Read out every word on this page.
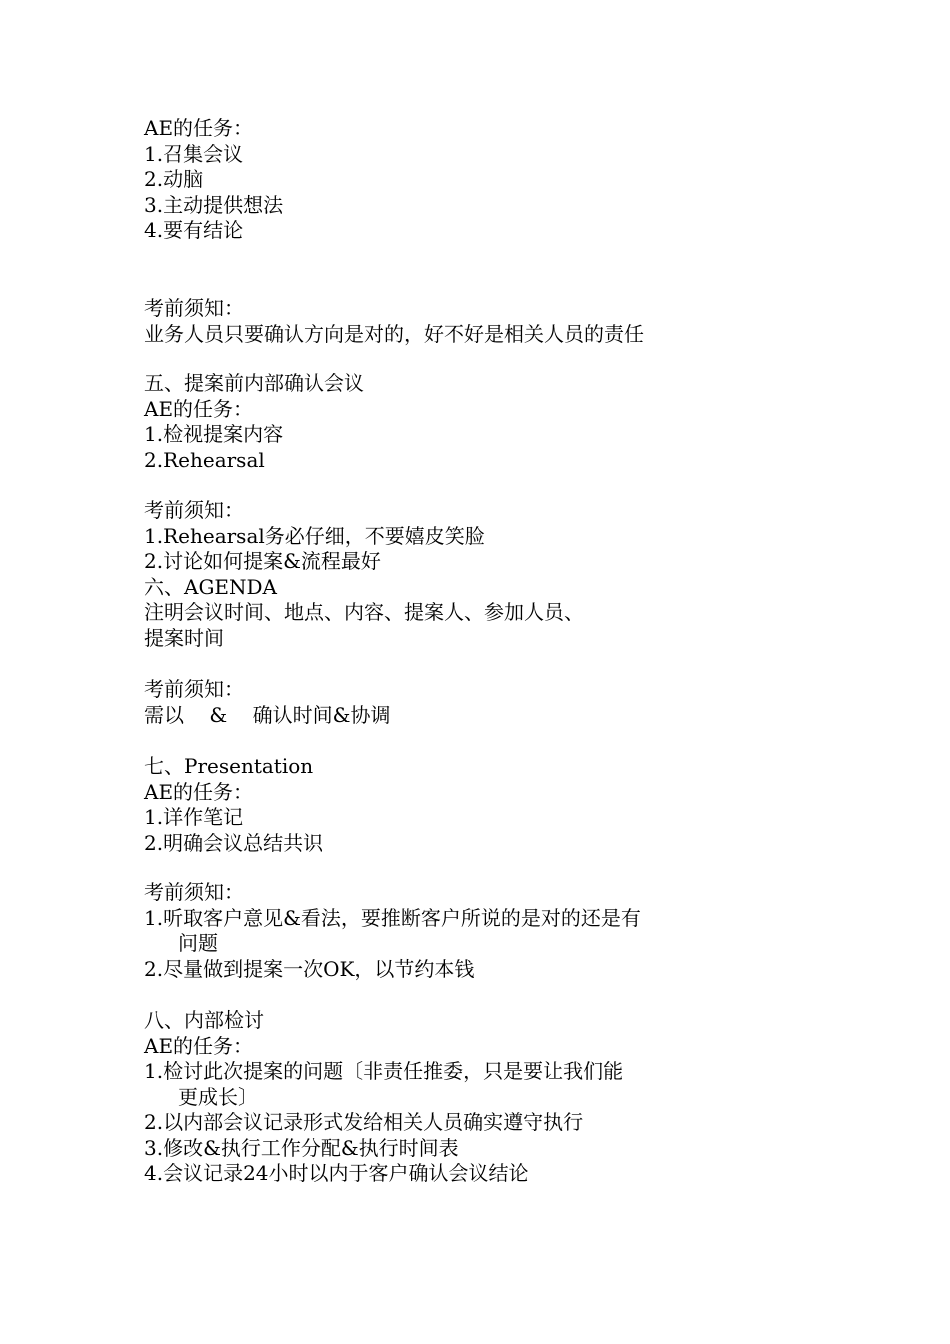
AE的任务：
1.召集会议
2.动脑
3.主动提供想法
4.要有结论
考前须知：
业务人员只要确认方向是对的，好不好是相关人员的责任
五、提案前内部确认会议
AE的任务：
1.检视提案内容
2.Rehearsal
考前须知：
1.Rehearsal务必仔细，不要嬉皮笑脸
2.讨论如何提案&流程最好
六、AGENDA
注明会议时间、地点、内容、提案人、参加人员、
提案时间
考前须知：
需以    &    确认时间&协调
七、Presentation
AE的任务：
1.详作笔记
2.明确会议总结共识
考前须知：
1.听取客户意见&看法，要推断客户所说的是对的还是有
问题
2.尽量做到提案一次OK，以节约本钱
八、内部检讨
AE的任务：
1.检讨此次提案的问题〔非责任推委，只是要让我们能
更成长〕
2.以内部会议记录形式发给相关人员确实遵守执行
3.修改&执行工作分配&执行时间表
4.会议记录24小时以内于客户确认会议结论
